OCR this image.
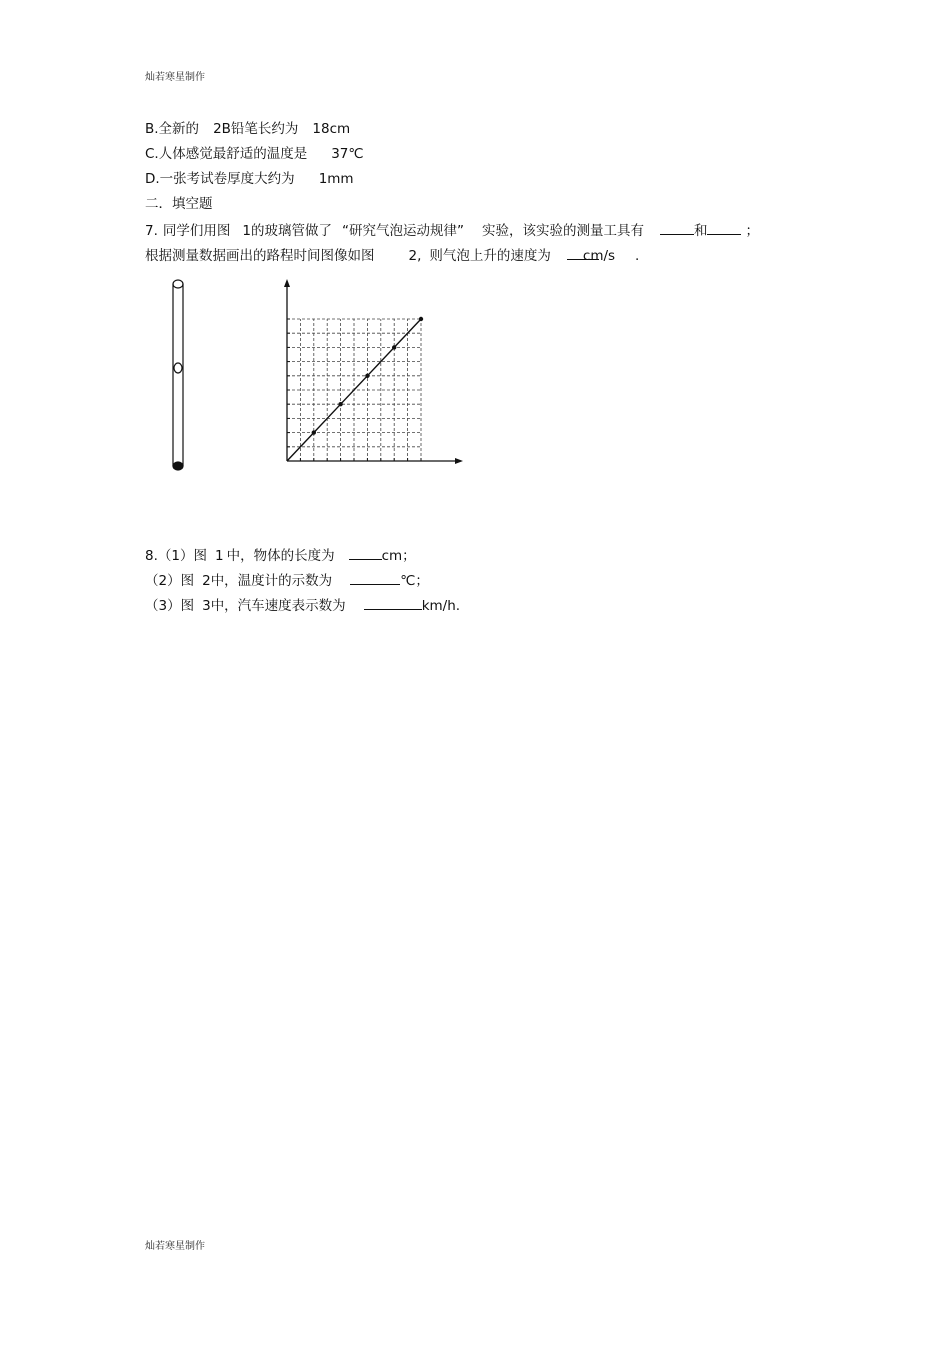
灿若寒星制作
B.全新的 2B铅笔长约为 18cm
C.人体感觉最舒适的温度是 37℃
D.一张考试卷厚度大约为 1mm
二．填空题
7. 同学们用图 1的玻璃管做了 “研究气泡运动规律” 实验，该实验的测量工具有	和	；
根据测量数据画出的路程时间图像如图	2, 则气泡上升的速度为 cm/s .
8.（1）图 1 中，物体的长度为	cm；
（2）图 2中，温度计的示数为	℃；
（3）图 3中，汽车速度表示数为	km/h.
灿若寒星制作
